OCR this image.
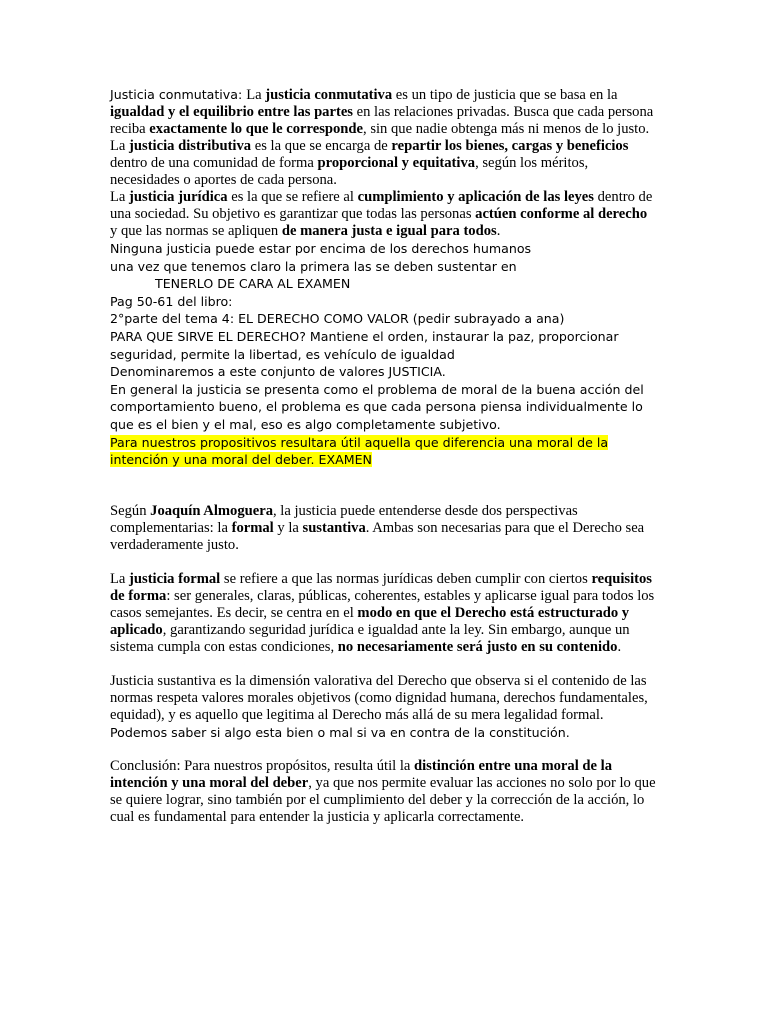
Justicia conmutativa: La justicia conmutativa es un tipo de justicia que se basa en la igualdad y el equilibrio entre las partes en las relaciones privadas. Busca que cada persona reciba exactamente lo que le corresponde, sin que nadie obtenga más ni menos de lo justo.

La justicia distributiva es la que se encarga de repartir los bienes, cargas y beneficios dentro de una comunidad de forma proporcional y equitativa, según los méritos, necesidades o aportes de cada persona.

La justicia jurídica es la que se refiere al cumplimiento y aplicación de las leyes dentro de una sociedad. Su objetivo es garantizar que todas las personas actúen conforme al derecho y que las normas se apliquen de manera justa e igual para todos.

Ninguna justicia puede estar por encima de los derechos humanos

una vez que tenemos claro la primera las se deben sustentar en

TENERLO DE CARA AL EXAMEN

Pag 50-61 del libro:

2°parte del tema 4: EL DERECHO COMO VALOR (pedir subrayado a ana)

PARA QUE SIRVE EL DERECHO? Mantiene el orden, instaurar la paz, proporcionar seguridad, permite la libertad, es vehículo de igualdad

Denominaremos a este conjunto de valores JUSTICIA.

En general la justicia se presenta como el problema de moral de la buena acción del comportamiento bueno, el problema es que cada persona piensa individualmente lo que es el bien y el mal, eso es algo completamente subjetivo.

Para nuestros propositivos resultara útil aquella que diferencia una moral de la intención y una moral del deber. EXAMEN

Según Joaquín Almoguera, la justicia puede entenderse desde dos perspectivas complementarias: la formal y la sustantiva. Ambas son necesarias para que el Derecho sea verdaderamente justo.

La justicia formal se refiere a que las normas jurídicas deben cumplir con ciertos requisitos de forma: ser generales, claras, públicas, coherentes, estables y aplicarse igual para todos los casos semejantes. Es decir, se centra en el modo en que el Derecho está estructurado y aplicado, garantizando seguridad jurídica e igualdad ante la ley. Sin embargo, aunque un sistema cumpla con estas condiciones, no necesariamente será justo en su contenido.

Justicia sustantiva es la dimensión valorativa del Derecho que observa si el contenido de las normas respeta valores morales objetivos (como dignidad humana, derechos fundamentales, equidad), y es aquello que legitima al Derecho más allá de su mera legalidad formal.

Podemos saber si algo esta bien o mal si va en contra de la constitución.

Conclusión: Para nuestros propósitos, resulta útil la distinción entre una moral de la intención y una moral del deber, ya que nos permite evaluar las acciones no solo por lo que se quiere lograr, sino también por el cumplimiento del deber y la corrección de la acción, lo cual es fundamental para entender la justicia y aplicarla correctamente.
